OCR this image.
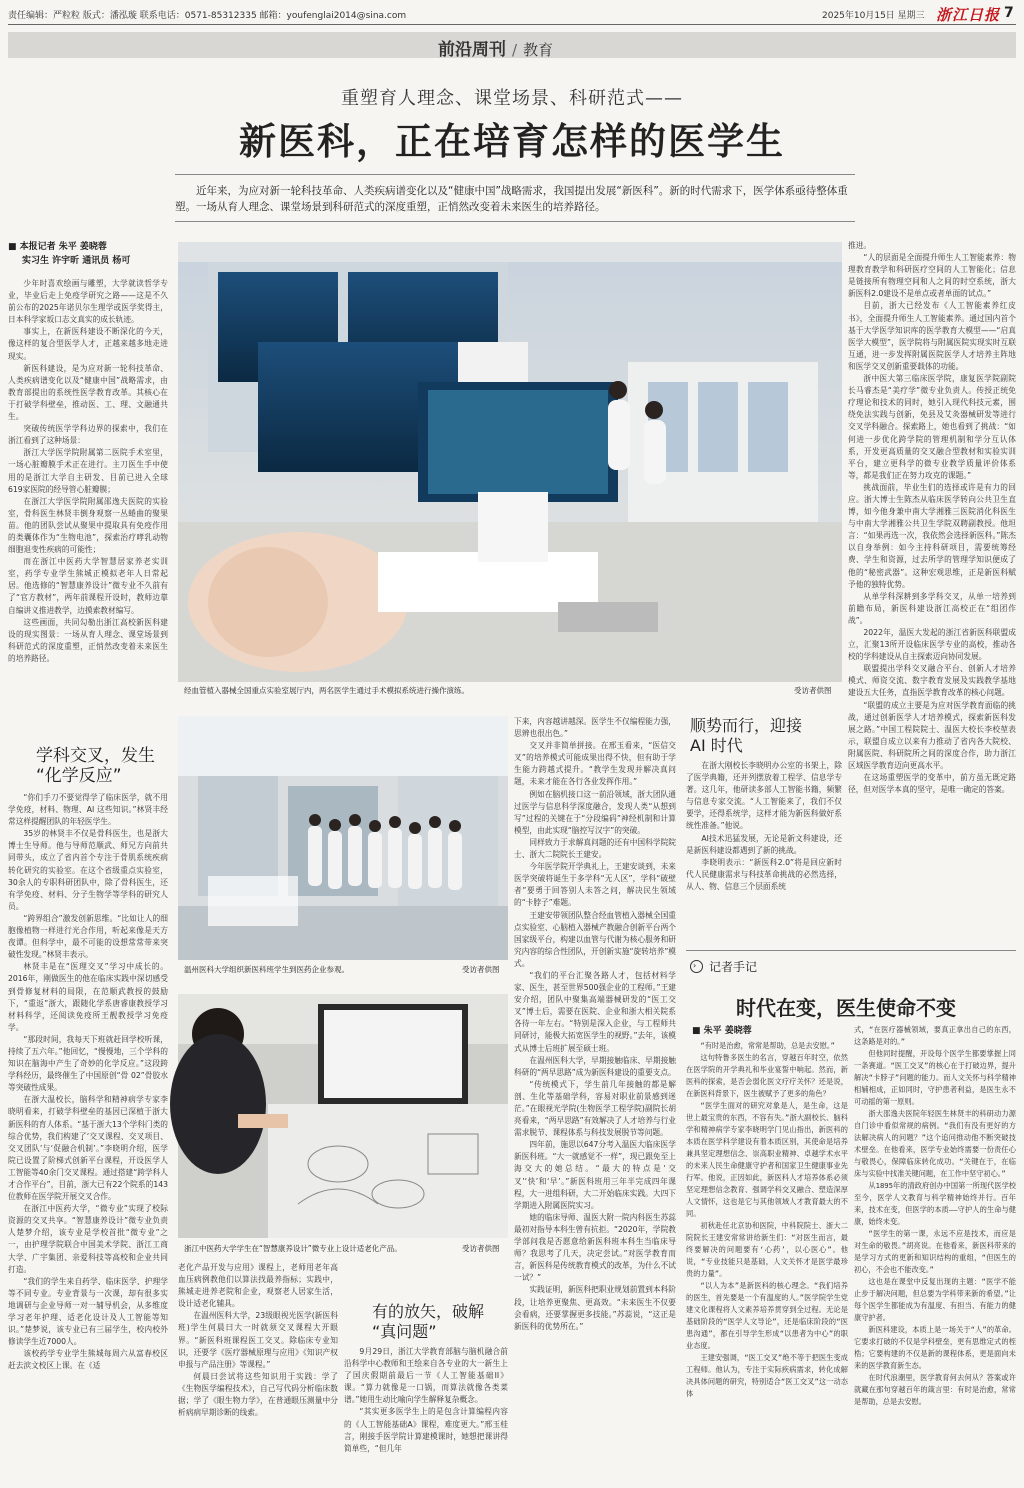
责任编辑：严粒粒 版式：潘泓璇 联系电话：0571-85312335 邮箱：youfenglai2014@sina.com	2025年10月15日 星期三 浙江日报 7
前沿周刊 / 教育
重塑育人理念、课堂场景、科研范式——
新医科，正在培育怎样的医学生
近年来，为应对新一轮科技革命、人类疾病谱变化以及“健康中国”战略需求，我国提出发展“新医科”。新的时代需求下，医学体系亟待整体重塑。一场从育人理念、课堂场景到科研范式的深度重塑，正悄然改变着未来医生的培养路径。
■ 本报记者 朱平 姜晓蓉
实习生 许宇昕 通讯员 杨可

少年时喜欢绘画与雕塑，大学就读哲学专业，毕业后走上免疫学研究之路——这是不久前公布的2025年诺贝尔生理学或医学奖得主，日本科学家坂口志文真实的成长轨迹。

事实上，在新医科建设不断深化的今天，像这样的复合型医学人才，正越来越多地走进现实。

新医科建设，是为应对新一轮科技革命、人类疾病谱变化以及“健康中国”战略需求，由教育部提出的系统性医学教育改革。其核心在于打破学科壁垒，推动医、工、理、文融通共生。

突破传统医学学科边界的探索中，我们在浙江看到了这种场景：

浙江大学医学院附属第二医院手术室里，一场心脏瓣膜手术正在进行。主刀医生手中使用的是浙江大学自主研发、目前已进入全球619家医院的经导管心脏瓣膜；

在浙江大学医学院附属邵逸夫医院的实验室，骨科医生林贤丰倒身观察一丛蜷曲的聚果苗。他的团队尝试从聚果中提取具有免疫作用的类囊体作为“生物电池”，探索治疗哮乳动物细胞退变性疾病的可能性；

而在浙江中医药大学智慧居家养老实训室，药学专业学生熊城正模拟老年人日常起居。他选修的“智慧康养设计”微专业不久前有了“官方教材”，两年前课程开设时，教师边靠自编讲义推进教学，边摸索教材编写。

这些画面，共同勾勒出浙江高校新医科建设的现实图景：一场从育人理念、课堂场景到科研范式的深度重塑，正悄然改变着未来医生的培养路径。

经血管植入器械全国重点实验室展厅内，两名医学生通过手术模拟系统进行操作演练。	受访者供图

推进。

“人的层面是全面提升师生人工智能素养：物理教育教学和科研医疗空间的人工智能化；信息是链接所有物理空间和人之间的时空系统，浙大新医科2.0建设不是单点或者单面的试点。”

目前，浙大已经发布《人工智能素养红皮书》，全面提升师生人工智能素养。通过国内首个基于大学医学知识库的医学教育大模型——“启真医学大模型”，医学院将与附属医院实现实时互联互通，进一步发挥附属医院医学人才培养主阵地和医学交叉创新重要载体的功能。

浙中医大第三临床医学院，康复医学院副院长马睿杰是“美疗学”微专业负责人。传授正统免疗理论和技术的同时，她引入现代科技元素，围绕免法实践与创新，免县及艾灸器械研发等进行交叉学科融合。探索路上，她也看到了挑战：“如何进一步优化跨学院的管理机制和学分互认体系，开发更高质量的交叉融合型教材和实验实训平台，建立更科学的微专业教学质量评价体系等，都是我们正在努力攻克的课题。”

挑战面前，毕业生们的选择或许是有力的回应。浙大博士生陈杰从临床医学转向公共卫生直博，如今他身兼中南大学湘雅三医院消化科医生与中南大学湘雅公共卫生学院双聘副教授。他坦言：“如果再选一次，我依然会选择新医科。”陈杰以自身举例：如今主持科研项目，需要统筹经费、学生和资源，过去所学的管理学知识便成了他的“秘密武器”。这种宏观思维，正是新医科赋予他的独特优势。

从单学科深耕到多学科交叉，从单一培养到前瞻布局，新医科建设浙江高校正在“组团作战”。

2022年，温医大发起的浙江省新医科联盟成立，汇聚13所开设临床医学专业的高校，推动各校的学科建设从自主探索迈向协同发展。

联盟提出学科交叉融合平台、创新人才培养模式、师资交流、数字教育发展及实践教学基地建设五大任务，直指医学教育改革的核心问题。

“联盟的成立主要是为应对医学教育面临的挑战，通过创新医学人才培养模式，探索新医科发展之路。”中国工程院院士、温医大校长李校堃表示，联盟自成立以来有力推动了省内各大院校、附属医院、科研院所之间的深度合作，助力浙江区域医学教育迈向更高水平。

在这场重塑医学的变革中，前方虽无既定路径，但对医学本真的坚守，是唯一确定的答案。

学科交叉，发生
“化学反应”

“你们手刀不要觉得学了临床医学，就不用学免疫，材料、物理、AI 这些知识。”林贤丰经常这样提醒团队的年轻医学生。

35岁的林贤丰不仅是骨科医生，也是浙大博士生导师。他与导师范顺武、师兄方向前共同带头，成立了省内首个专注于骨肌系统疾病转化研究的实验室。在这个省级重点实验室，30余人的专职科研团队中，除了骨科医生，还有学免疫、材料、分子生物学等学科的研究人员。

“跨界组合”激发创新思维。“比如让人的细胞像植物一样进行光合作用，听起来像是天方夜谭。但科学中，最不可能的设想常常带来突破性发现。”林贤丰表示。

林贤丰是在“医理交叉”学习中成长的。2016年，刚做医生的他在临床实践中深切感受到骨修复材料的局限，在范顺武教授的鼓励下，“重返”浙大，跟随化学系唐睿康教授学习材料科学，还阅读免疫所王靓教授学习免疫学。

“那段时间，我每天下班就赶回学校听课，持续了五六年。”他回忆，“慢慢地，三个学科的知识在脑海中产生了奇妙的化学反应。”这段跨学科经历，最终催生了中国原创“骨 02”骨胶水等突破性成果。

在浙大温校长，脑科学和精神病学专家李晓明看来，打破学科壁垒的基因已深植于浙大新医科的育人体系。“基于浙大13个学科门类的综合优势，我们构建了‘交叉课程、交叉项目、交叉团队’与‘促融合机制’。”李晓明介绍，医学院已设置了阶梯式创新平台课程，开设医学人工智能等40余门交叉课程。通过搭建“跨学科人才合作平台”，目前，浙大已有22个院系的143位教师在医学院开展交叉合作。

在浙江中医药大学，“微专业”实现了校际资源的交叉共享。“智慧康养设计”微专业负责人楚梦介绍，该专业是学校首批“微专业”之一，由护理学院联合中国美术学院、浙江工商大学、广宇集团、亲爱科技等高校和企业共同打造。

“我们的学生来自药学、临床医学、护理学等不同专业。专业背景与一次课，却有很多实地调研与企业导师一对一辅导机会，从多维度学习老年护理、适老化设计及人工智能等知识。”楚梦说，该专业已有三届学生，校内校外修读学生近7000人。

该校药学专业学生熊城每周六从富春校区赶去滨文校区上课。在《适

温州医科大学组织新医科班学生到医药企业参观。	受访者供图
浙江中医药大学学生在“智慧康养设计”微专业上设计适老化产品。	受访者供图

老化产品开发与应用》课程上，老师用老年高血压病例教他们以算法找最养指标；实践中，熊城走进养老院和企业，观察老人居家生活，设计适老化辅具。

在温州医科大学，23级眼视光医学(新医科班)学生何晨曰大一时就须交叉课程大开眼界。“新医科班课程医工交叉。除临床专业知识，还要学《医疗器械原理与应用》《知识产权申报与产品注册》等课程。”

何晨曰尝试将这些知识用于实践：学了《生物医学编程技术》，自己写代码分析临床数据；学了《眼生物力学》，在普通眼压测量中分析病病早期诊断的线索。

有的放矢，破解
“真问题”

9月29日，浙江大学教育部脑与脑机融合前沿科学中心教师和王绘来自各专业的大一新生上了国庆假期前最后一节《人工智能基础II》课。“算力就像是一口锅，而算法就像各类菜谱。”她用生动比喻向学生解释复杂概念。

“其实更多医学生上的是包含计算编程内容的《人工智能基础A》课程，难度更大。”邢玉桂言，刚接手医学院计算建模课时，她想把课讲得简单些，“但几年

下来，内容越讲越深。医学生不仅编程能力强，思辨也很出色。”

交叉并非简单拼接。在邢玉看来，“医信交叉”的培养模式可能成果出得不快，但有助于学生能力跨越式提升。“教学生发现并解决真问题，未来才能在各行各业发挥作用。”

例如在脑机接口这一前沿领域，浙大团队通过医学与信息科学深度融合，发现人类“从想到写”过程的关键在于“分段编码”神经机制和计算模型，由此实现“脑控写汉字”的突破。

同样致力于求解真问题的还有中国科学院院士、浙大二院院长王建安。

今年医学院开学典礼上，王建安谈到，未来医学突破将诞生于多学科“无人区”，学科“破壁者”要勇于回答别人未答之问，解决民生领域的“卡脖子”难题。

王建安带领团队整合经血管植入器械全国重点实验室、心脑植入器械产教融合创新平台两个国家级平台，构建以血管与代谢为核心服务和研究内容的综合性团队，开创新实施“旋转培养”模式。

“我们的平台汇聚各路人才，包括材料学家、医生，甚至世界500强企业的工程师。”王建安介绍，团队中聚集高端器械研发的“医工交叉”博士后，需要在医院、企业和浙大相关院系各待一年左右。“特别是深入企业，与工程师共同研讨，能极大拓宽医学生的视野。”去年，该模式从博士后班扩展至硕士班。

在温州医科大学，早期接触临床、早期接触科研的“两早思路”成为新医科建设的重要支点。

“传统模式下，学生前几年接触的都是解剖、生化等基础学科，容易对职业前景感到迷茫。”在眼视光学院(生物医学工程学院)副院长胡亮看来，“两早思路”有效解决了人才培养与行业需求脱节、课程体系与科技发展脱节等问题。

四年前，施思以647分考入温医大临床医学新医科班。“大一就感觉不一样”，现已跟免至上海交大的她总结。“最大的特点是‘交叉’‘快’和‘早’。”新医科班用三年半完成四年课程，大一进组科研，大二开始临床实践。大四下学期进入附属医院实习。

她的临床导师、温医大附一院内科医生苏蕊最初对指导本科生曾有抗拒。“2020年，学院教学部问我是否愿意给新医科班本科生当临床导师？我思考了几天，决定尝试。”对医学教育而言，新医科是传统教育模式的改革，为什么不试一试？”

实践证明，新医科把职业规划前置到本科阶段，让培养更聚焦、更高效。“未来医生不仅要会看病，还要掌握更多技能。”苏蕊说，“这正是新医科的优势所在。”

顺势而行，迎接
AI 时代

在浙大刚校长李晓明办公室的书架上，除了医学典籍，还并列摆放着工程学、信息学专著。这几年，他研读多部人工智能书籍，频繁与信息专家交流。“人工智能来了，我们不仅要学，还得系统学，这样才能为新医科做好系统性准备。”他说。

AI技术迅猛发展，无论是新文科建设，还是新医科建设都遇到了新的挑战。

李晓明表示：“新医科2.0”将是回应新时代人民健康需求与科技革命挑战的必然选择，从人、物、信息三个层面系统

› 记者手记
时代在变，医生使命不变
■ 朱平 姜晓蓉

“有时是治愈，常常是帮助，总是去安慰。”

这句特鲁多医生的名言，穿越百年时空，依然在医学院的开学典礼和毕业宴誓中响起。然而，新医科的探索，是否会弱化医文疗疗关怀？还是说，在新医科背景下，医生被赋予了更多的角色？

“医学生面对的研究对象是人，是生命，这是世上最宝贵的东西，不容有失。”浙大副校长、脑科学和精神病学专家李晓明学门见山指出，新医科的本质在医学科学建设有着本质区别，其使命是培养兼具坚定理想信念、崇高职业精神、卓越学术水平的未来人民生命健康守护者和国家卫生健康事业先行军。他说，正因如此，新医科人才培养体系必须坚定理想信念教育、强调学科交叉融合、塑造深厚人文情怀，这也是它与其他领域人才教育最大的不同。

初秋赴任北京协和医院，中科院院士、浙大二院院长王建安常常讲给新生们：“对医生而言，最终要解决的问题要有‘心药’，以心医心”。他说，“专业技能只是基础，人文关怀才是医学最珍贵的力量”。

“以人为本”是新医科的核心理念。“我们培养的医生，首先要是一个有温度的人。”医学院学生党建文化课程将人文素养培养贯穿到全过程。无论是基础阶段的“医学人文导论”，还是临床阶段的“医患沟通”，都在引导学生形成“以患者为中心”的职业态度。

王建安强调，“医工交叉”绝不等于把医生变成工程师。他认为，专注于实际疾病需求，转化成解决具体问题的研究，特别适合“医工交叉”这一动态体

式，“在医疗器械领域，要真正拿出自己的东西，这条路是对的。”

但他同时提醒，开设每个医学生都要掌握上同一条赛道。“医工交叉”的核心在于打破边界，提升解决“卡脖子”问题的能力。而人文关怀与科学精神相辅相成，正如同时，守护患者利益，是医生永不可动摇的第一原则。

浙大邵逸夫医院年轻医生林贤丰的科研动力源自门诊中看似常规的病例。“我们有没有更好的方法解决病人的问题？”这个追问推动他不断突破技术壁垒。在他看来，医学专业始终需要一份责任心与敬畏心，保障临床转化成功。“关键在于，在临床与实验中找准关键问题，在工作中坚守初心。”

从1895年的清政府创办中国第一所现代医学校至今，医学人文教育与科学精神始终并行。百年来，技术在变，但医学的本质——守护人的生命与健康，始终未变。

“医学生的第一课，永远不应是技术，而应是对生命的敬畏。”胡亮说。在他看来，新医科带来的是学习方式的更新和知识结构的重组，“但医生的初心，不会也不能改变。”

这也是在课堂中反复出现的主题：“医学不能止步于解决问题，但总要为学科带来新的希望。”让每个医学生都能成为有温度、有担当、有能力的健康守护者。

新医科建设，本质上是一场关于“人”的革命。它要求打破的不仅是学科壁垒，更有思维定式的桎梏；它要构建的不仅是新的课程体系，更是面向未来的医学教育新生态。

在时代浪潮里，医学教育何去何从？答案或许就藏在那句穿越百年的箴言里：有时是治愈，常常是帮助，总是去安慰。
